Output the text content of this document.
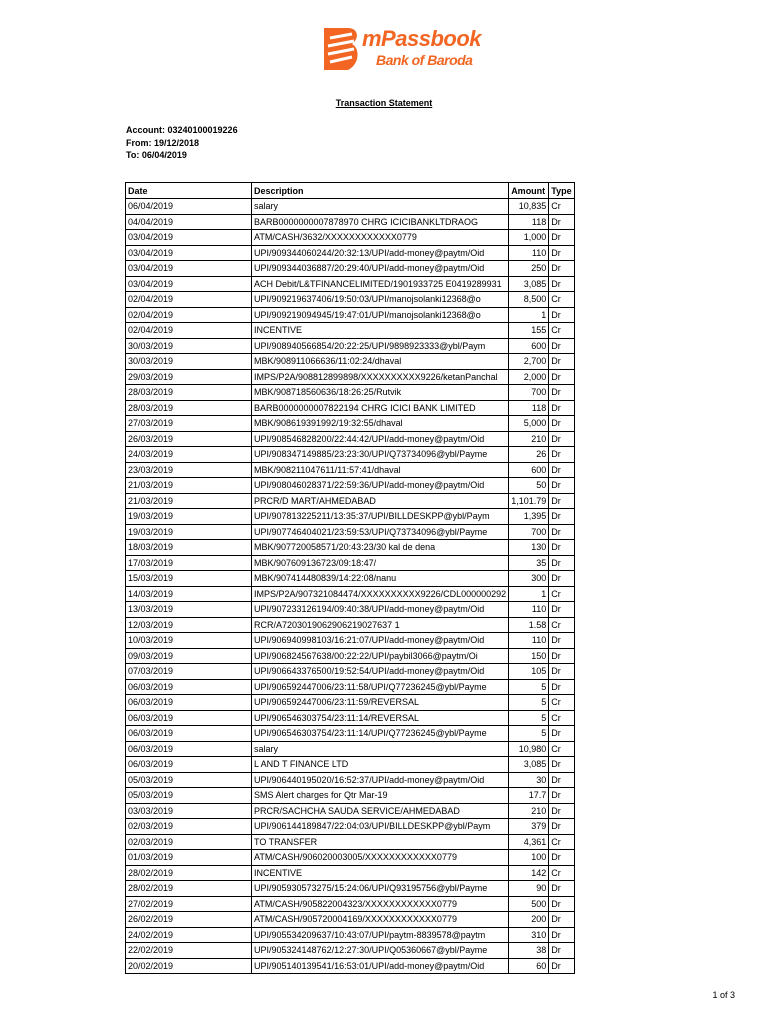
mPassbook
Bank of Baroda
Transaction Statement
Account: 03240100019226
From: 19/12/2018
To: 06/04/2019
Date	Description	Amount	Type
06/04/2019	salary	10,835	Cr
04/04/2019	BARB0000000007878970 CHRG ICICIBANKLTDRAOG	118	Dr
03/04/2019	ATM/CASH/3632/XXXXXXXXXXXX0779	1,000	Dr
03/04/2019	UPI/909344060244/20:32:13/UPI/add-money@paytm/Oid	110	Dr
03/04/2019	UPI/909344036887/20:29:40/UPI/add-money@paytm/Oid	250	Dr
03/04/2019	ACH Debit/L&TFINANCELIMITED/1901933725 E0419289931	3,085	Dr
02/04/2019	UPI/909219637406/19:50:03/UPI/manojsolanki12368@o	8,500	Cr
02/04/2019	UPI/909219094945/19:47:01/UPI/manojsolanki12368@o	1	Dr
02/04/2019	INCENTIVE	155	Cr
30/03/2019	UPI/908940566854/20:22:25/UPI/9898923333@ybl/Paym	600	Dr
30/03/2019	MBK/908911066636/11:02:24/dhaval	2,700	Dr
29/03/2019	IMPS/P2A/908812899898/XXXXXXXXXX9226/ketanPanchal	2,000	Dr
28/03/2019	MBK/908718560636/18:26:25/Rutvik	700	Dr
28/03/2019	BARB0000000007822194 CHRG ICICI BANK LIMITED	118	Dr
27/03/2019	MBK/908619391992/19:32:55/dhaval	5,000	Dr
26/03/2019	UPI/908546828200/22:44:42/UPI/add-money@paytm/Oid	210	Dr
24/03/2019	UPI/908347149885/23:23:30/UPI/Q73734096@ybl/Payme	26	Dr
23/03/2019	MBK/908211047611/11:57:41/dhaval	600	Dr
21/03/2019	UPI/908046028371/22:59:36/UPI/add-money@paytm/Oid	50	Dr
21/03/2019	PRCR/D MART/AHMEDABAD	1,101.79	Dr
19/03/2019	UPI/907813225211/13:35:37/UPI/BILLDESKPP@ybl/Paym	1,395	Dr
19/03/2019	UPI/907746404021/23:59:53/UPI/Q73734096@ybl/Payme	700	Dr
18/03/2019	MBK/907720058571/20:43:23/30 kal de dena	130	Dr
17/03/2019	MBK/907609136723/09:18:47/	35	Dr
15/03/2019	MBK/907414480839/14:22:08/nanu	300	Dr
14/03/2019	IMPS/P2A/907321084474/XXXXXXXXXX9226/CDL000000292	1	Cr
13/03/2019	UPI/907233126194/09:40:38/UPI/add-money@paytm/Oid	110	Dr
12/03/2019	RCR/A7203019062906219027637 1	1.58	Cr
10/03/2019	UPI/906940998103/16:21:07/UPI/add-money@paytm/Oid	110	Dr
09/03/2019	UPI/906824567638/00:22:22/UPI/paybil3066@paytm/Oi	150	Dr
07/03/2019	UPI/906643376500/19:52:54/UPI/add-money@paytm/Oid	105	Dr
06/03/2019	UPI/906592447006/23:11:58/UPI/Q77236245@ybl/Payme	5	Dr
06/03/2019	UPI/906592447006/23:11:59/REVERSAL	5	Cr
06/03/2019	UPI/906546303754/23:11:14/REVERSAL	5	Cr
06/03/2019	UPI/906546303754/23:11:14/UPI/Q77236245@ybl/Payme	5	Dr
06/03/2019	salary	10,980	Cr
06/03/2019	L AND T FINANCE LTD	3,085	Dr
05/03/2019	UPI/906440195020/16:52:37/UPI/add-money@paytm/Oid	30	Dr
05/03/2019	SMS Alert charges for Qtr Mar-19	17.7	Dr
03/03/2019	PRCR/SACHCHA SAUDA SERVICE/AHMEDABAD	210	Dr
02/03/2019	UPI/906144189847/22:04:03/UPI/BILLDESKPP@ybl/Paym	379	Dr
02/03/2019	TO TRANSFER	4,361	Cr
01/03/2019	ATM/CASH/906020003005/XXXXXXXXXXXX0779	100	Dr
28/02/2019	INCENTIVE	142	Cr
28/02/2019	UPI/905930573275/15:24:06/UPI/Q93195756@ybl/Payme	90	Dr
27/02/2019	ATM/CASH/905822004323/XXXXXXXXXXXX0779	500	Dr
26/02/2019	ATM/CASH/905720004169/XXXXXXXXXXXX0779	200	Dr
24/02/2019	UPI/905534209637/10:43:07/UPI/paytm-8839578@paytm	310	Dr
22/02/2019	UPI/905324148762/12:27:30/UPI/Q05360667@ybl/Payme	38	Dr
20/02/2019	UPI/905140139541/16:53:01/UPI/add-money@paytm/Oid	60	Dr
1 of 3
